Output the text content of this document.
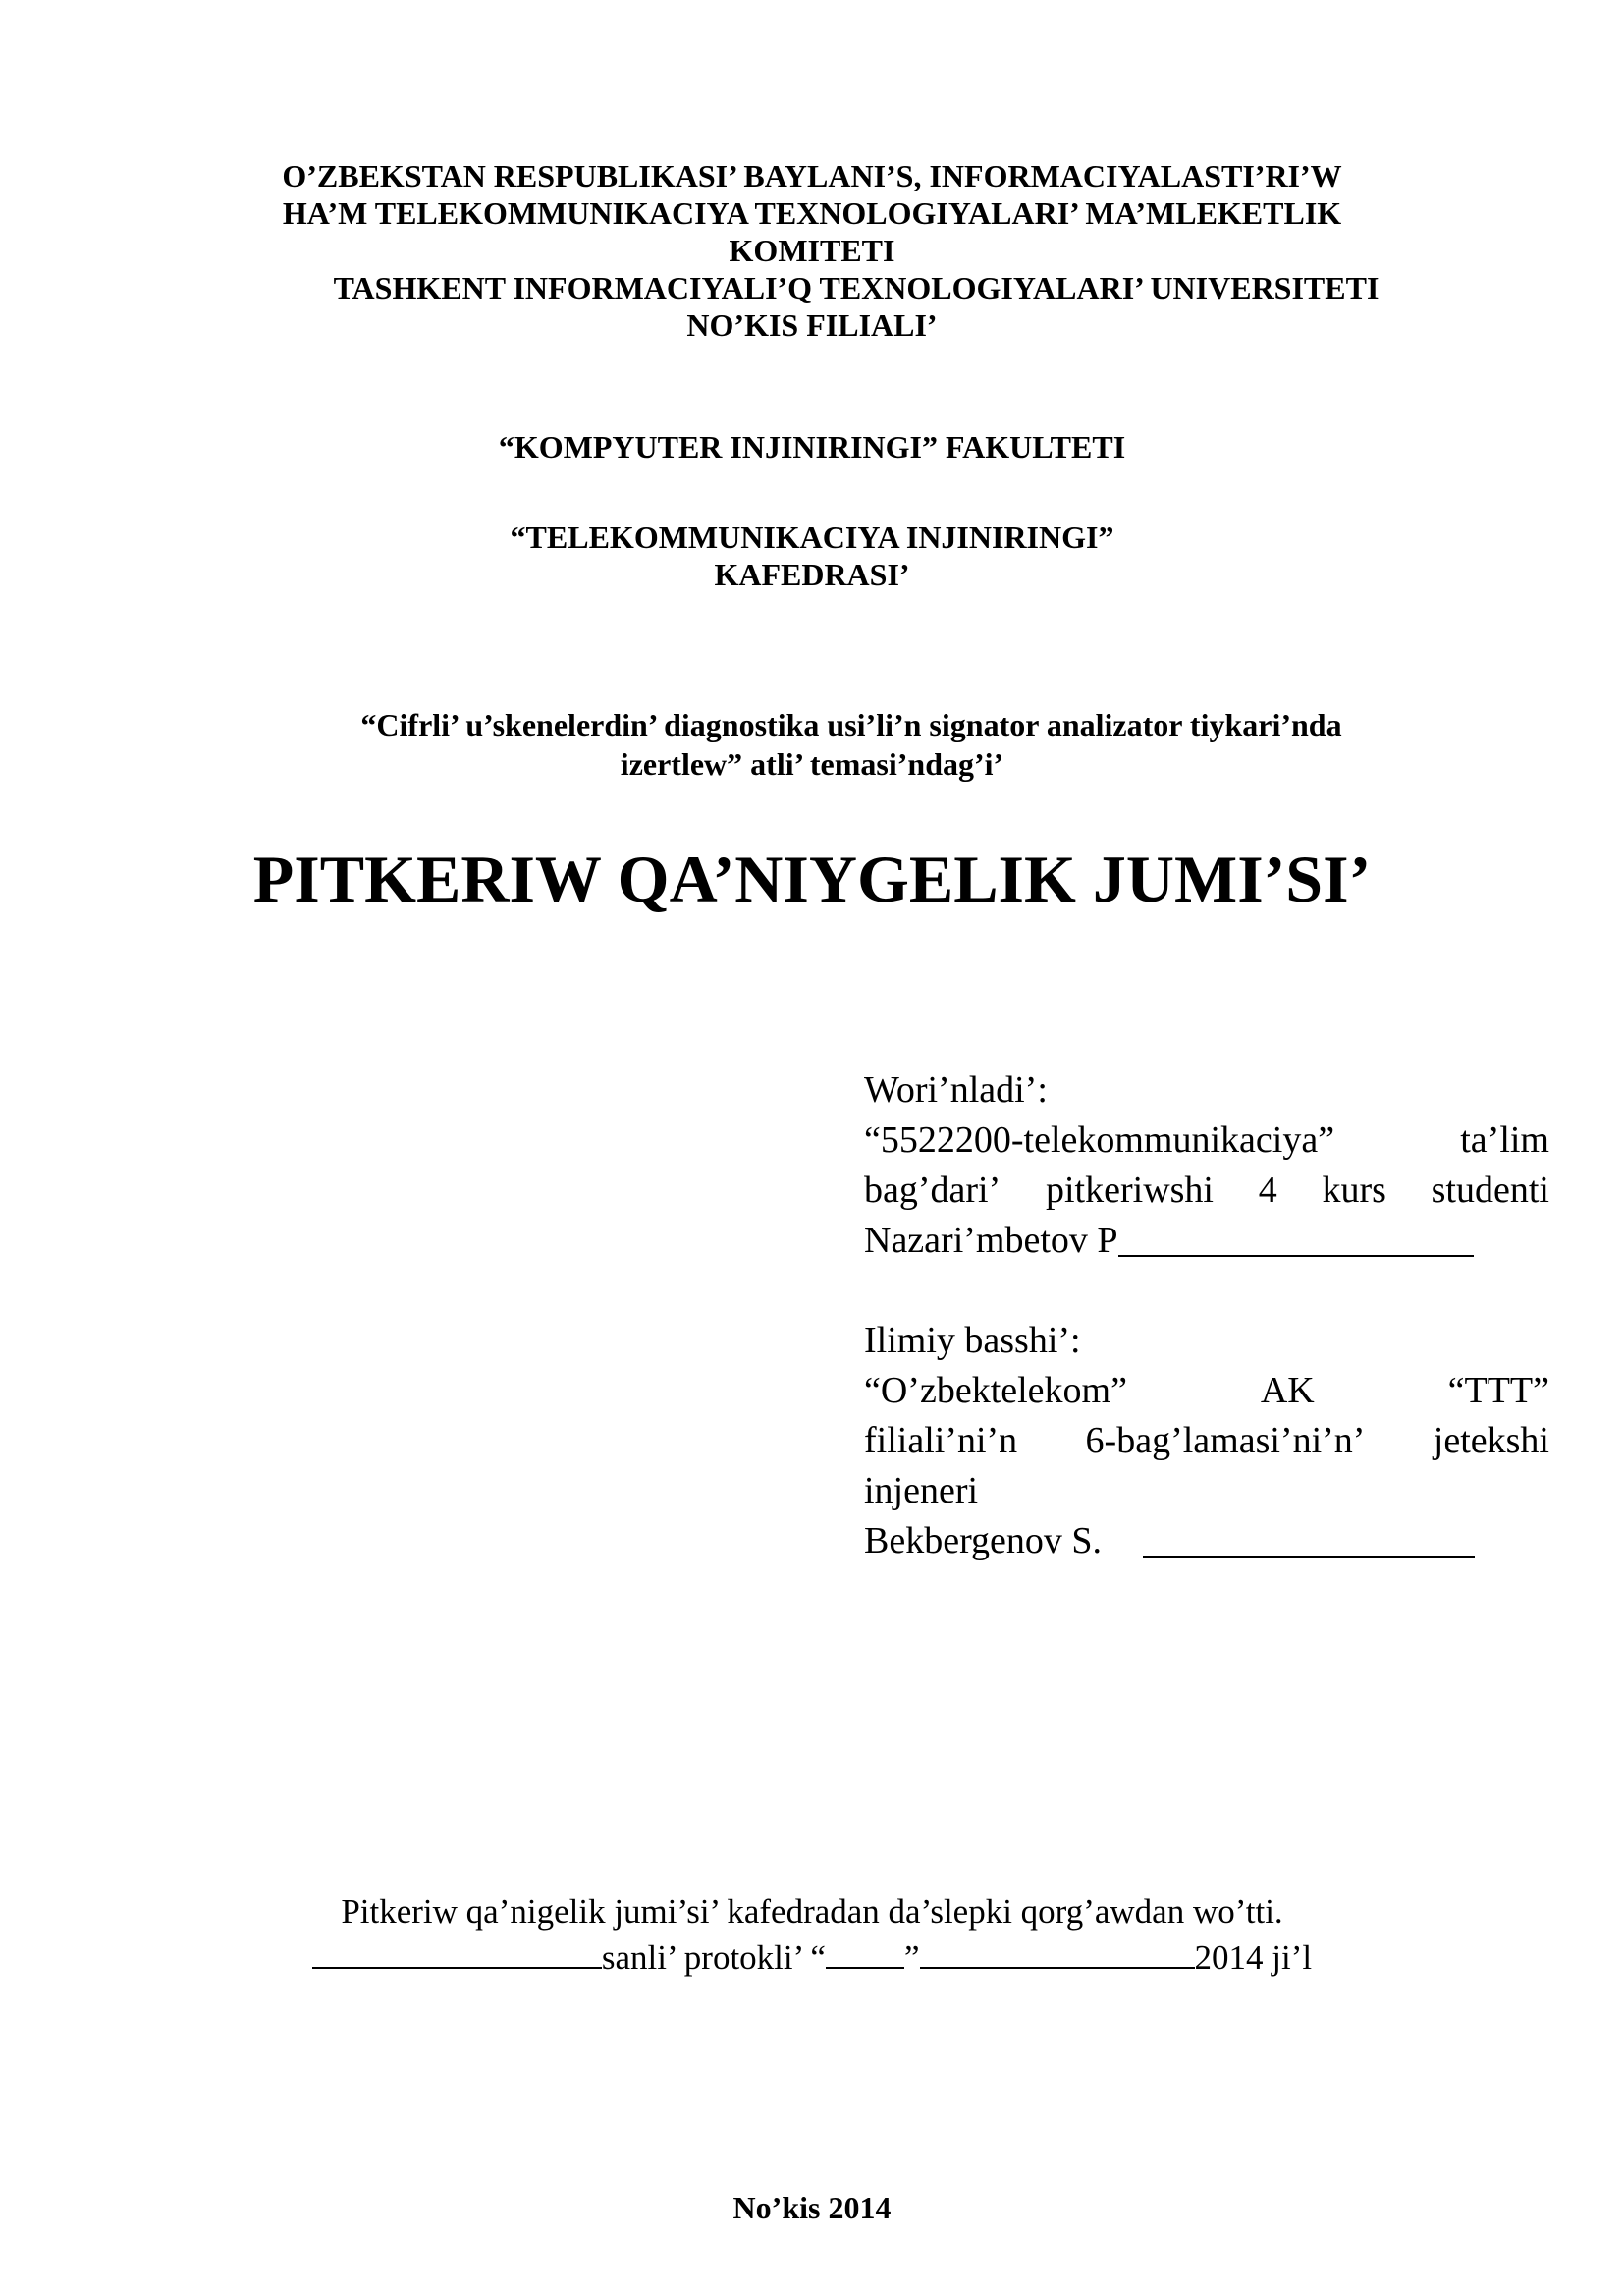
O’ZBEKSTAN RESPUBLIKASI’ BAYLANI’S, INFORMACIYALASTI’RI’W
HA’M TELEKOMMUNIKACIYA TEXNOLOGIYALARI’ MA’MLEKETLIK
KOMITETI
TASHKENT INFORMACIYALI’Q TEXNOLOGIYALARI’ UNIVERSITETI
NO’KIS FILIALI’
“KOMPYUTER INJINIRINGI” FAKULTETI
“TELEKOMMUNIKACIYA INJINIRINGI”
KAFEDRASI’
“Cifrli’ u’skenelerdin’ diagnostika usi’li’n signator analizator tiykari’nda
izertlew” atli’ temasi’ndag’i’
PITKERIW QA’NIYGELIK JUMI’SI’
Wori’nladi’:
“5522200-telekommunikaciya”	ta’lim
bag’dari’ pitkeriwshi 4 kurs studenti
Nazari’mbetov P
Ilimiy basshi’:
“O’zbektelekom”	AK	“TTT”
filiali’ni’n 6-bag’lamasi’ni’n’ jetekshi
injeneri
Bekbergenov S.
Pitkeriw qa’nigelik jumi’si’ kafedradan da’slepki qorg’awdan wo’tti.
sanli’ protokli’ “ ”	2014 ji’l
No’kis 2014
